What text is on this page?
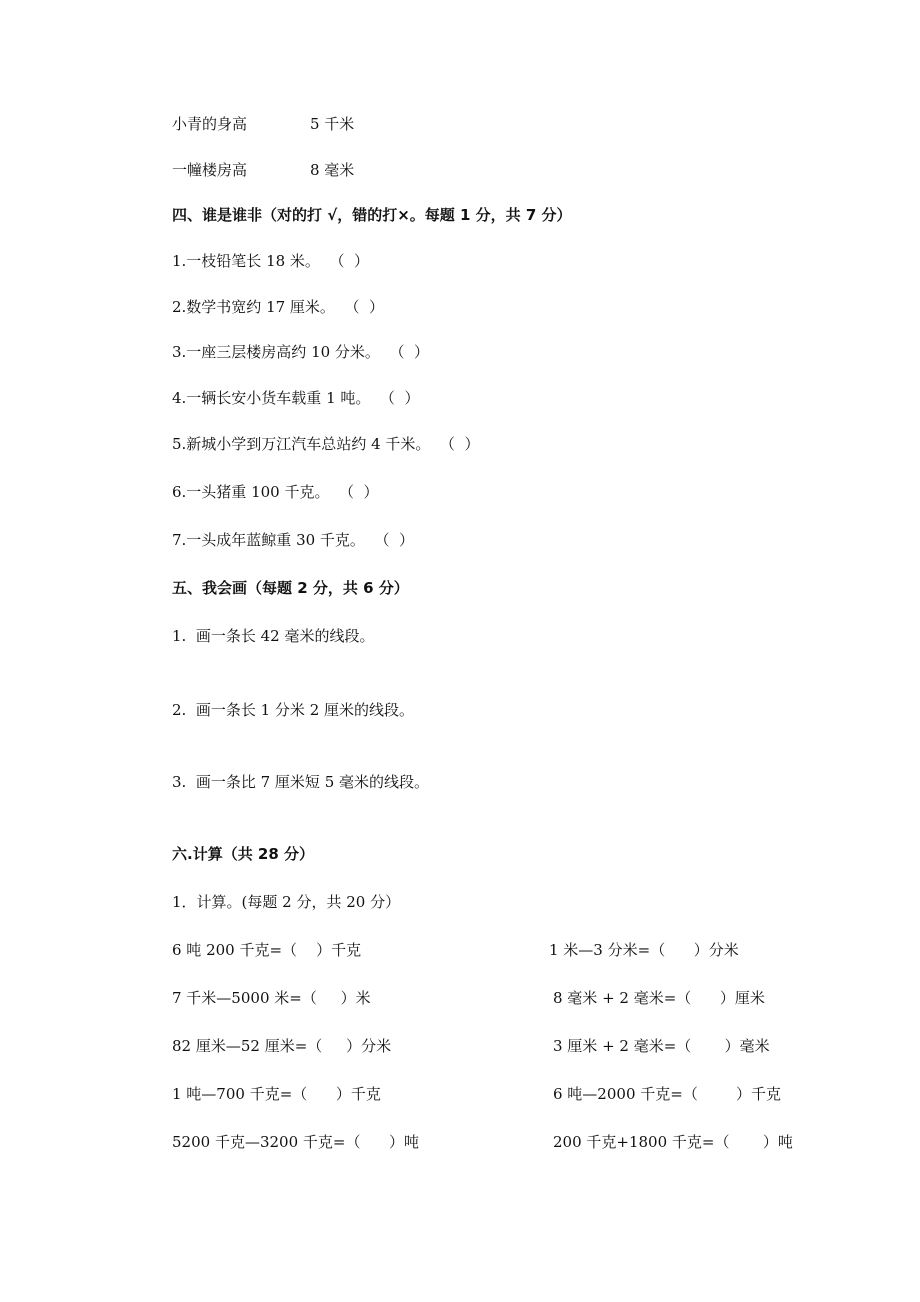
小青的身高	5 千米
一幢楼房高	8 毫米
四、谁是谁非（对的打 √，错的打×。每题 1 分，共 7 分）
1.一枝铅笔长 18 米。  （  ）
2.数学书宽约 17 厘米。  （  ）
3.一座三层楼房高约 10 分米。  （  ）
4.一辆长安小货车载重 1 吨。  （  ）
5.新城小学到万江汽车总站约 4 千米。  （  ）
6.一头猪重 100 千克。  （  ）
7.一头成年蓝鲸重 30 千克。  （  ）
五、我会画（每题 2 分，共 6 分）
1.  画一条长 42 毫米的线段。
2.  画一条长 1 分米 2 厘米的线段。
3.  画一条比 7 厘米短 5 毫米的线段。
六.计算（共 28 分）
1．计算。(每题 2 分，共 20 分）
6 吨 200 千克=（    ）千克	1 米—3 分米=（      ）分米
7 千米—5000 米=（     ）米	8 毫米 + 2 毫米=（      ）厘米
82 厘米—52 厘米=（     ）分米	3 厘米 + 2 毫米=（       ）毫米
1 吨—700 千克=（      ）千克	6 吨—2000 千克=（        ）千克
5200 千克—3200 千克=（      ）吨	200 千克+1800 千克=（       ）吨
